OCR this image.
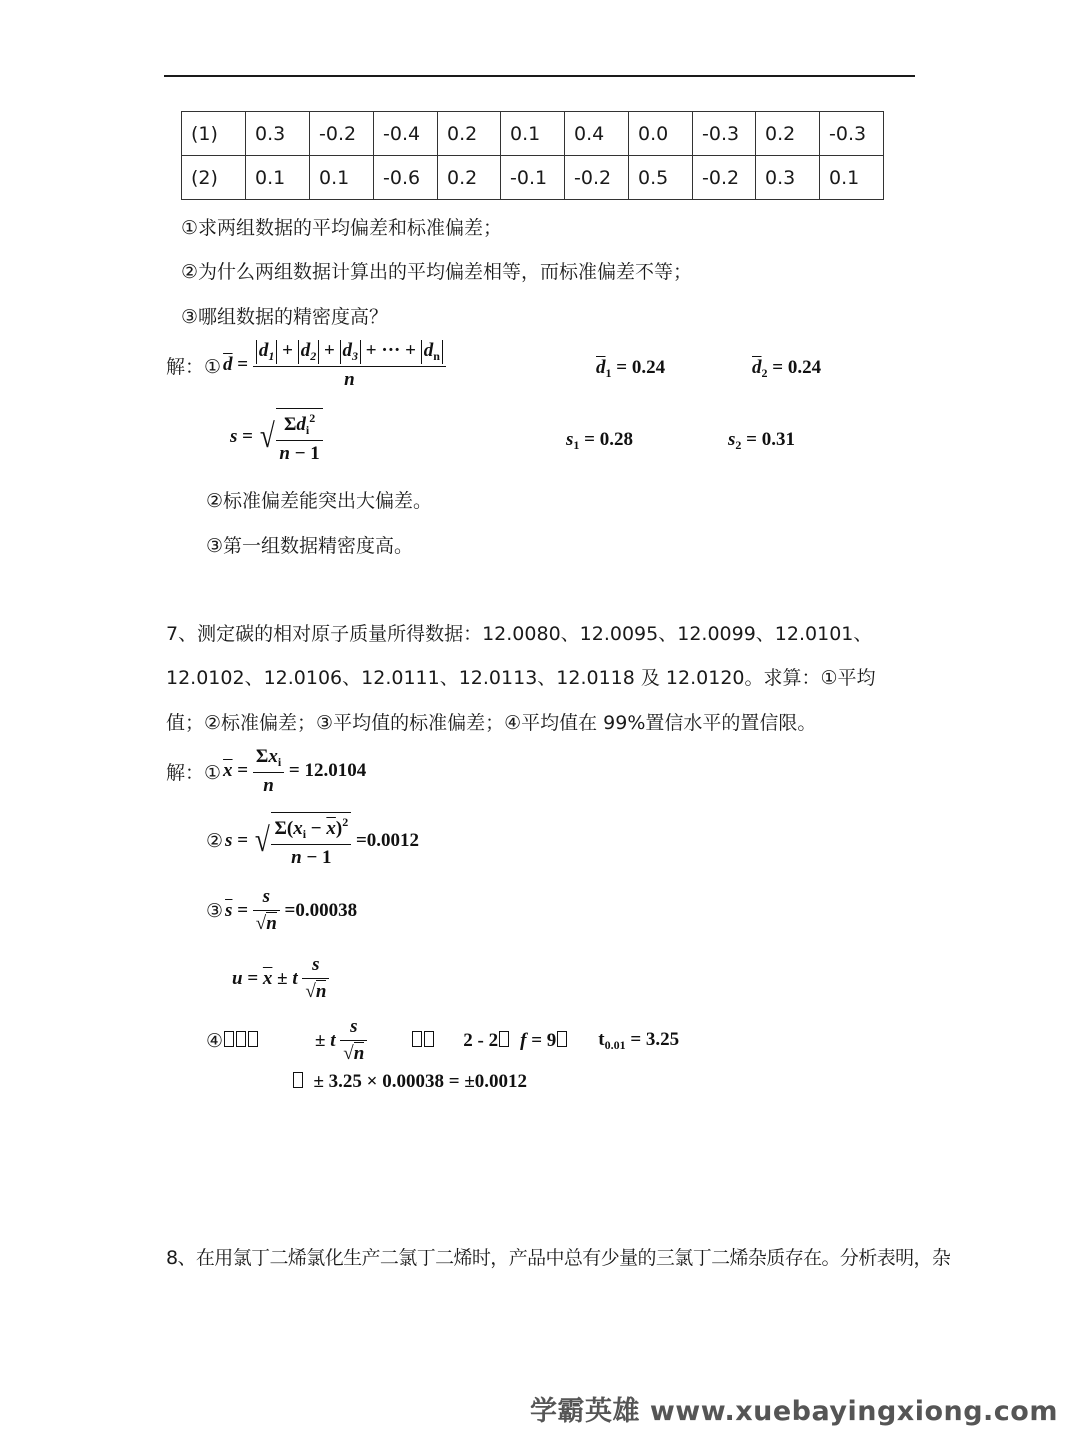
(1)	0.3	-0.2	-0.4	0.2	0.1	0.4	0.0	-0.3	0.2	-0.3
(2)	0.1	0.1	-0.6	0.2	-0.1	-0.2	0.5	-0.2	0.3	0.1
①求两组数据的平均偏差和标准偏差；
②为什么两组数据计算出的平均偏差相等，而标准偏差不等；
③哪组数据的精密度高？
解：① $\overline{d} = \frac{d_1 + d_2 + d_3 + \cdot\cdot\cdot + d_n}{n}$	$\overline{d}_1 = 0.24$	$\overline{d}_2 = 0.24$
s = √ $\frac{\Sigma d_i^2}{n - 1}$	$s_1 = 0.28$	$s_2 = 0.31$
②标准偏差能突出大偏差。
③第一组数据精密度高。
7、测定碳的相对原子质量所得数据：12.0080、12.0095、12.0099、12.0101、
12.0102、12.0106、12.0111、12.0113、12.0118 及 12.0120。求算：①平均
值；②标准偏差；③平均值的标准偏差；④平均值在 99%置信水平的置信限。
解：① $\overline{x} = \frac{\Sigma x_i}{n} = 12.0104$
② s = √ $\frac{\Sigma(x_i - \overline{x})^2}{n - 1} = 0.0012$
③ $\overline{s} = \frac{s}{√n} = 0.00038$
$u = \overline{x} \pm t$
$\frac{s}{√n}$
④	± t
$\frac{s}{√n}$	2 - 2	f = 9	$t_{0.01} = 3.25$
± 3.25 × 0.00038 = ±0.0012
8、在用氯丁二烯氯化生产二氯丁二烯时，产品中总有少量的三氯丁二烯杂质存在。分析表明，杂
学霸英雄 www.xuebayingxiong.com
